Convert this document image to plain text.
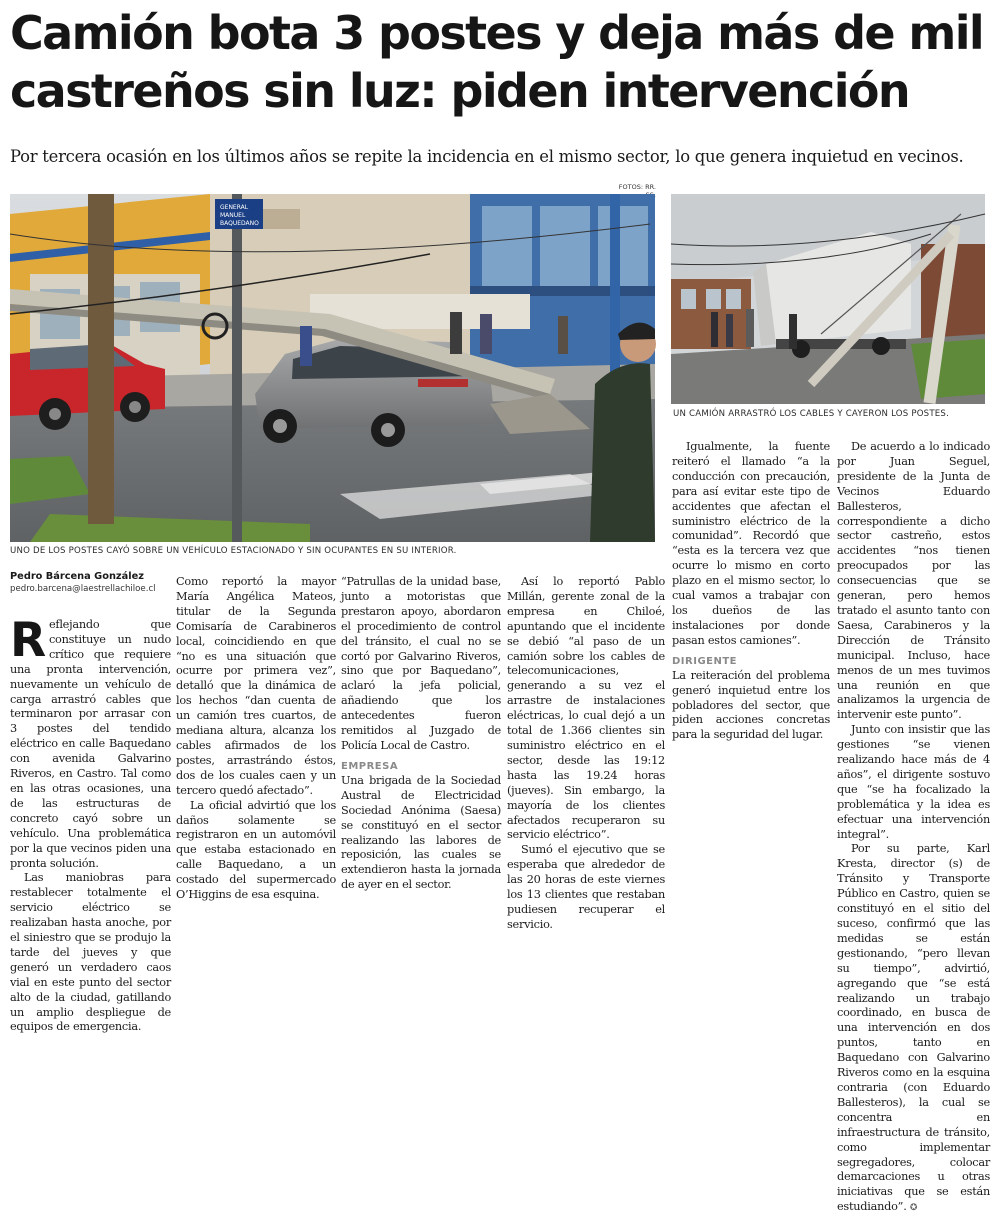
Camión bota 3 postes y deja más de mil castreños sin luz: piden intervención
Por tercera ocasión en los últimos años se repite la incidencia en el mismo sector, lo que genera inquietud en vecinos.
FOTOS: RR.
GENERAL
MANUEL
BAQUEDANO
UNO DE LOS POSTES CAYÓ SOBRE UN VEHÍCULO ESTACIONADO Y SIN OCUPANTES EN SU INTERIOR.
UN CAMIÓN ARRASTRÓ LOS CABLES Y CAYERON LOS POSTES.
Pedro Bárcena González
pedro.barcena@laestrellachiloe.cl

Reflejando que constituye un nudo crítico que requiere una pronta intervención, nuevamente un vehículo de carga arrastró cables que terminaron por arrasar con 3 postes del tendido eléctrico en calle Baquedano con avenida Galvarino Riveros, en Castro. Tal como en las otras ocasiones, una de las estructuras de concreto cayó sobre un vehículo. Una problemática por la que vecinos piden una pronta solución.

Las maniobras para restablecer totalmente el servicio eléctrico se realizaban hasta anoche, por el siniestro que se produjo la tarde del jueves y que generó un verdadero caos vial en este punto del sector alto de la ciudad, gatillando un amplio despliegue de equipos de emergencia.

Como reportó la mayor María Angélica Mateos, titular de la Segunda Comisaría de Carabineros local, coincidiendo en que “no es una situación que ocurre por primera vez”, detalló que la dinámica de los hechos “dan cuenta de un camión tres cuartos, de mediana altura, alcanza los cables afirmados de los postes, arrastrándo éstos, dos de los cuales caen y un tercero quedó afectado”.

La oficial advirtió que los daños solamente se registraron en un automóvil que estaba estacionado en calle Baquedano, a un costado del supermercado O’Higgins de esa esquina.

“Patrullas de la unidad base, junto a motoristas que prestaron apoyo, abordaron el procedimiento de control del tránsito, el cual no se cortó por Galvarino Riveros, sino que por Baquedano”, aclaró la jefa policial, añadiendo que los antecedentes fueron remitidos al Juzgado de Policía Local de Castro.

EMPRESA

Una brigada de la Sociedad Austral de Electricidad Sociedad Anónima (Saesa) se constituyó en el sector realizando las labores de reposición, las cuales se extendieron hasta la jornada de ayer en el sector.

Así lo reportó Pablo Millán, gerente zonal de la empresa en Chiloé, apuntando que el incidente se debió “al paso de un camión sobre los cables de telecomunicaciones, generando a su vez el arrastre de instalaciones eléctricas, lo cual dejó a un total de 1.366 clientes sin suministro eléctrico en el sector, desde las 19:12 hasta las 19.24 horas (jueves). Sin embargo, la mayoría de los clientes afectados recuperaron su servicio eléctrico”.

Sumó el ejecutivo que se esperaba que alrededor de las 20 horas de este viernes los 13 clientes que restaban pudiesen recuperar el servicio.

Igualmente, la fuente reiteró el llamado “a la conducción con precaución, para así evitar este tipo de accidentes que afectan el suministro eléctrico de la comunidad”. Recordó que “esta es la tercera vez que ocurre lo mismo en corto plazo en el mismo sector, lo cual vamos a trabajar con los dueños de las instalaciones por donde pasan estos camiones”.

DIRIGENTE

La reiteración del problema generó inquietud entre los pobladores del sector, que piden acciones concretas para la seguridad del lugar.

De acuerdo a lo indicado por Juan Seguel, presidente de la Junta de Vecinos Eduardo Ballesteros, correspondiente a dicho sector castreño, estos accidentes “nos tienen preocupados por las consecuencias que se generan, pero hemos tratado el asunto tanto con Saesa, Carabineros y la Dirección de Tránsito municipal. Incluso, hace menos de un mes tuvimos una reunión en que analizamos la urgencia de intervenir este punto”.

Junto con insistir que las gestiones “se vienen realizando hace más de 4 años”, el dirigente sostuvo que “se ha focalizado la problemática y la idea es efectuar una intervención integral”.

Por su parte, Karl Kresta, director (s) de Tránsito y Transporte Público en Castro, quien se constituyó en el sitio del suceso, confirmó que las medidas se están gestionando, “pero llevan su tiempo”, advirtió, agregando que “se está realizando un trabajo coordinado, en busca de una intervención en dos puntos, tanto en Baquedano con Galvarino Riveros como en la esquina contraria (con Eduardo Ballesteros), la cual se concentra en infraestructura de tránsito, como implementar segregadores, colocar demarcaciones u otras iniciativas que se están estudiando”. ✪
